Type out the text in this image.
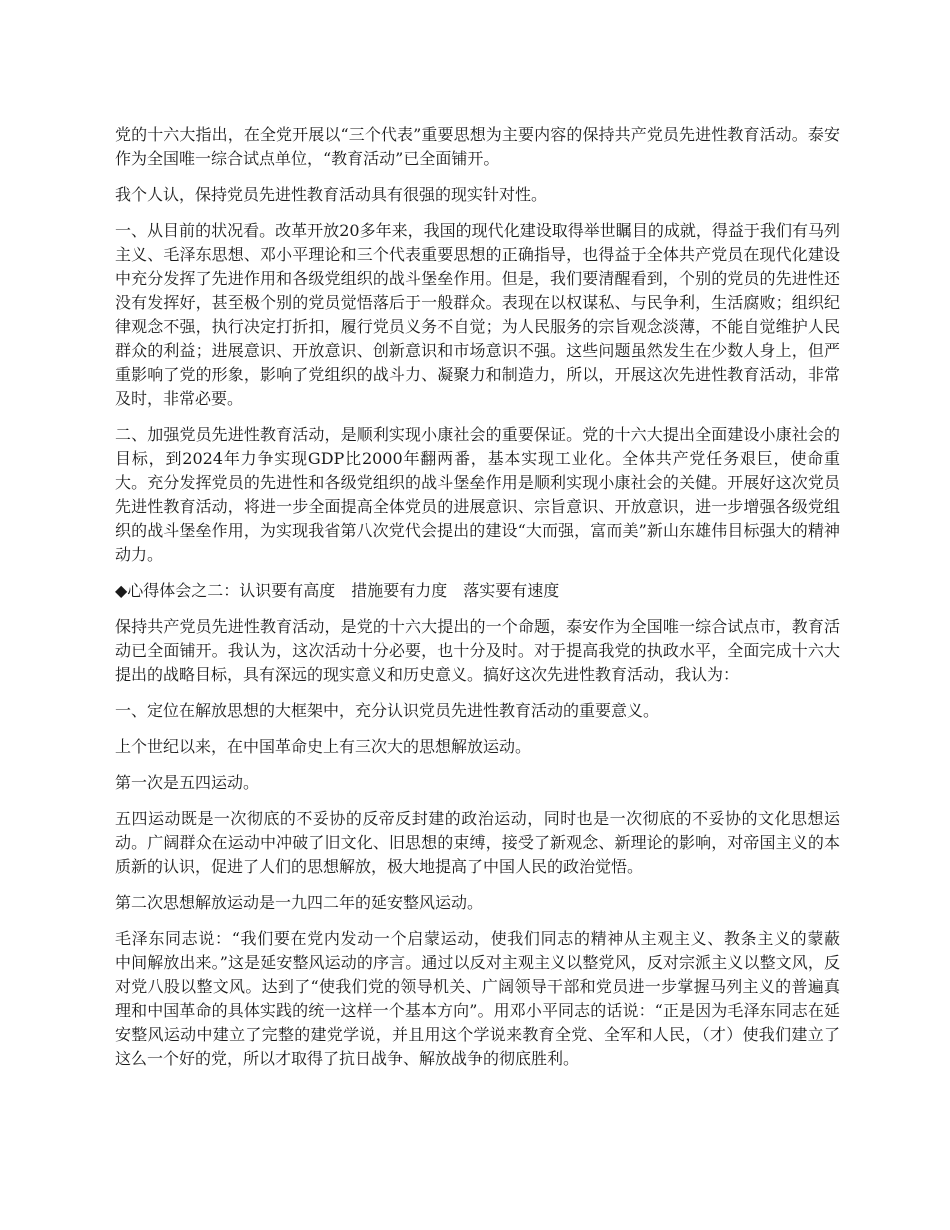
党的十六大指出，在全党开展以“三个代表”重要思想为主要内容的保持共产党员先进性教育活动。泰安作为全国唯一综合试点单位，“教育活动”已全面铺开。

我个人认，保持党员先进性教育活动具有很强的现实针对性。

一、从目前的状况看。改革开放20多年来，我国的现代化建设取得举世瞩目的成就，得益于我们有马列主义、毛泽东思想、邓小平理论和三个代表重要思想的正确指导，也得益于全体共产党员在现代化建设中充分发挥了先进作用和各级党组织的战斗堡垒作用。但是，我们要清醒看到，个别的党员的先进性还没有发挥好，甚至极个别的党员觉悟落后于一般群众。表现在以权谋私、与民争利，生活腐败；组织纪律观念不强，执行决定打折扣，履行党员义务不自觉；为人民服务的宗旨观念淡薄，不能自觉维护人民群众的利益；进展意识、开放意识、创新意识和市场意识不强。这些问题虽然发生在少数人身上，但严重影响了党的形象，影响了党组织的战斗力、凝聚力和制造力，所以，开展这次先进性教育活动，非常及时，非常必要。

二、加强党员先进性教育活动，是顺利实现小康社会的重要保证。党的十六大提出全面建设小康社会的目标，到2024年力争实现GDP比2000年翻两番，基本实现工业化。全体共产党任务艰巨，使命重大。充分发挥党员的先进性和各级党组织的战斗堡垒作用是顺利实现小康社会的关健。开展好这次党员先进性教育活动，将进一步全面提高全体党员的进展意识、宗旨意识、开放意识，进一步增强各级党组织的战斗堡垒作用，为实现我省第八次党代会提出的建设“大而强，富而美”新山东雄伟目标强大的精神动力。

◆心得体会之二：认识要有高度　措施要有力度　落实要有速度

保持共产党员先进性教育活动，是党的十六大提出的一个命题，泰安作为全国唯一综合试点市，教育活动已全面铺开。我认为，这次活动十分必要，也十分及时。对于提高我党的执政水平，全面完成十六大提出的战略目标，具有深远的现实意义和历史意义。搞好这次先进性教育活动，我认为：

一、定位在解放思想的大框架中，充分认识党员先进性教育活动的重要意义。

上个世纪以来，在中国革命史上有三次大的思想解放运动。

第一次是五四运动。

五四运动既是一次彻底的不妥协的反帝反封建的政治运动，同时也是一次彻底的不妥协的文化思想运动。广阔群众在运动中冲破了旧文化、旧思想的束缚，接受了新观念、新理论的影响，对帝国主义的本质新的认识，促进了人们的思想解放，极大地提高了中国人民的政治觉悟。

第二次思想解放运动是一九四二年的延安整风运动。

毛泽东同志说：“我们要在党内发动一个启蒙运动，使我们同志的精神从主观主义、教条主义的蒙蔽　中间解放出来。”这是延安整风运动的序言。通过以反对主观主义以整党风，反对宗派主义以整文风，反对党八股以整文风。达到了“使我们党的领导机关、广阔领导干部和党员进一步掌握马列主义的普遍真理和中国革命的具体实践的统一这样一个基本方向”。用邓小平同志的话说：“正是因为毛泽东同志在延安整风运动中建立了完整的建党学说，并且用这个学说来教育全党、全军和人民，（才）使我们建立了这么一个好的党，所以才取得了抗日战争、解放战争的彻底胜利。
